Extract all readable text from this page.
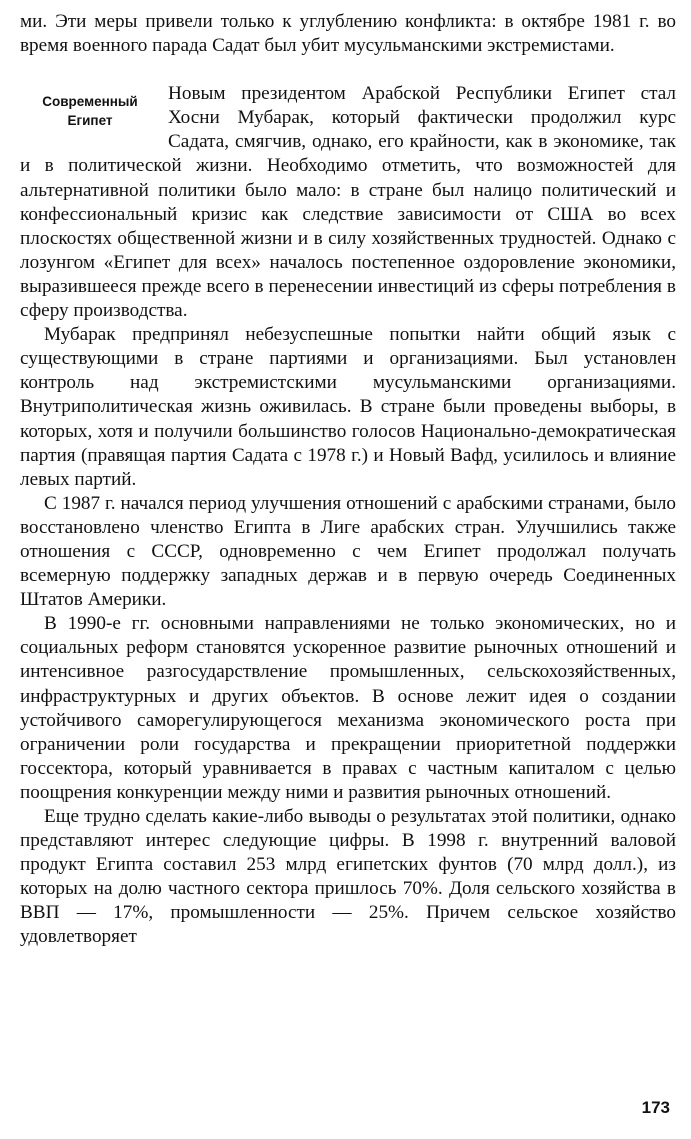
ми. Эти меры привели только к углублению конфликта: в октябре 1981 г. во время военного парада Садат был убит мусульманскими экстремистами.

Современный
Египет

Новым президентом Арабской Республики Египет стал Хосни Мубарак, который фактически продолжил курс Садата, смягчив, однако, его крайности, как в экономике, так и в политической жизни. Необходимо отметить, что возможностей для альтернативной политики было мало: в стране был налицо политический и конфессиональный кризис как следствие зависимости от США во всех плоскостях общественной жизни и в силу хозяйственных трудностей. Однако с лозунгом «Египет для всех» началось постепенное оздоровление экономики, выразившееся прежде всего в перенесении инвестиций из сферы потребления в сферу производства.

Мубарак предпринял небезуспешные попытки найти общий язык с существующими в стране партиями и организациями. Был установлен контроль над экстремистскими мусульманскими организациями. Внутриполитическая жизнь оживилась. В стране были проведены выборы, в которых, хотя и получили большинство голосов Национально-демократическая партия (правящая партия Садата с 1978 г.) и Новый Вафд, усилилось и влияние левых партий.

С 1987 г. начался период улучшения отношений с арабскими странами, было восстановлено членство Египта в Лиге арабских стран. Улучшились также отношения с СССР, одновременно с чем Египет продолжал получать всемерную поддержку западных держав и в первую очередь Соединенных Штатов Америки.

В 1990-е гг. основными направлениями не только экономических, но и социальных реформ становятся ускоренное развитие рыночных отношений и интенсивное разгосударствление промышленных, сельскохозяйственных, инфраструктурных и других объектов. В основе лежит идея о создании устойчивого саморегулирующегося механизма экономического роста при ограничении роли государства и прекращении приоритетной поддержки госсектора, который уравнивается в правах с частным капиталом с целью поощрения конкуренции между ними и развития рыночных отношений.

Еще трудно сделать какие-либо выводы о результатах этой политики, однако представляют интерес следующие цифры. В 1998 г. внутренний валовой продукт Египта составил 253 млрд египетских фунтов (70 млрд долл.), из которых на долю частного сектора пришлось 70%. Доля сельского хозяйства в ВВП — 17%, промышленности — 25%. Причем сельское хозяйство удовлетворяет

173
